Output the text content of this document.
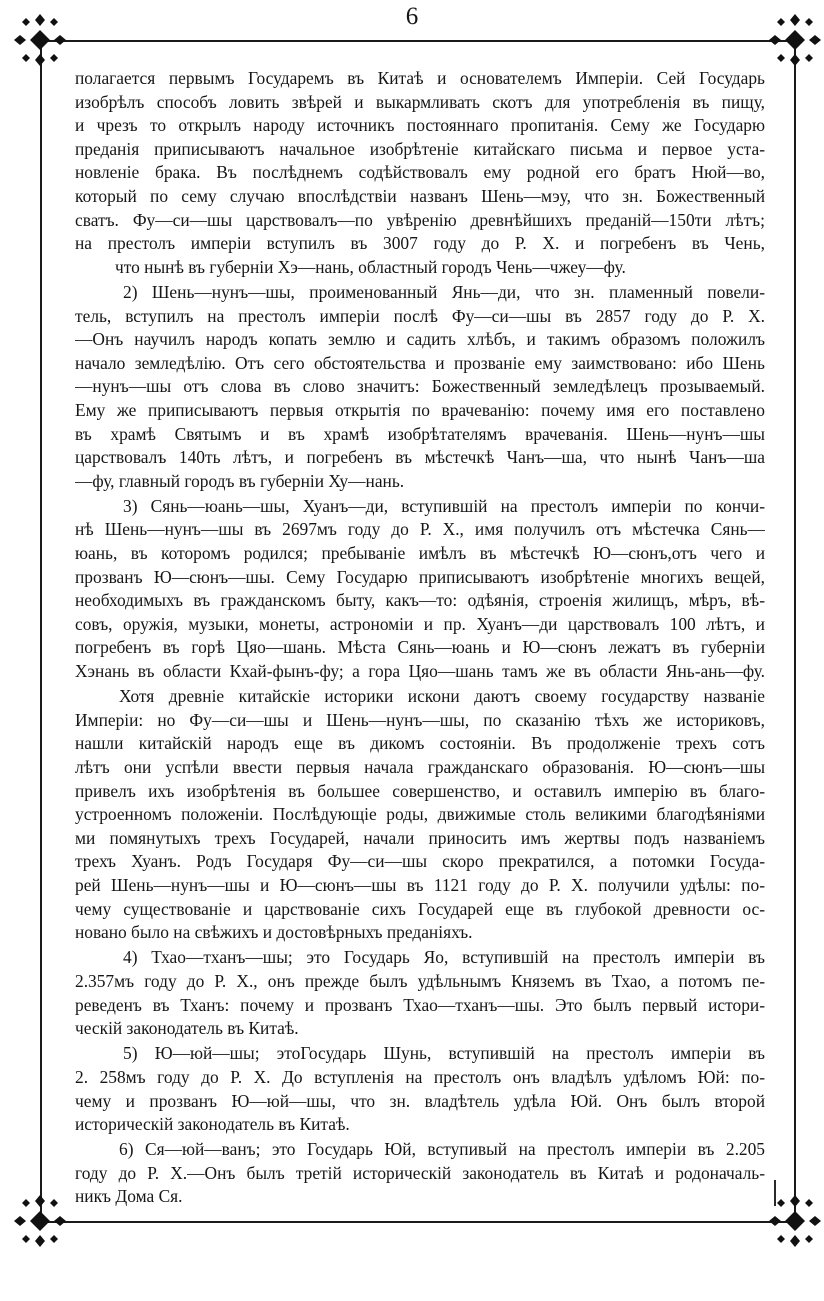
6
полагается первымъ Государемъ въ Китаѣ и основателемъ Имперіи. Сей Государь
изобрѣлъ способъ ловить звѣрей и выкармливать скотъ для употребленія въ пищу,
и чрезъ то открылъ народу источникъ постояннаго пропитанія. Сему же Государю
преданія приписываютъ начальное изобрѣтеніе китайскаго письма и первое уста-
новленіе брака. Въ послѣднемъ содѣйствовалъ ему родной его братъ Нюй—во,
который по сему случаю впослѣдствіи названъ Шень—мэу, что зн. Божественный
сватъ. Фу—си—шы царствовалъ—по увѣренію древнѣйшихъ преданій—150ти лѣтъ;
на престолъ имперіи вступилъ въ 3007 году до Р. Х. и погребенъ въ Чень,
что нынѣ въ губерніи Хэ—нань, областный городъ Чень—чжеу—фу.
2) Шень—нунъ—шы, проименованный Янь—ди, что зн. пламенный повели-
тель, вступилъ на престолъ имперіи послѣ Фу—си—шы въ 2857 году до Р. Х.
—Онъ научилъ народъ копать землю и садить хлѣбъ, и такимъ образомъ положилъ
начало земледѣлію. Отъ сего обстоятельства и прозваніе ему заимствовано: ибо Шень
—нунъ—шы отъ слова въ слово значитъ: Божественный земледѣлецъ прозываемый.
Ему же приписываютъ первыя открытія по врачеванію: почему имя его поставлено
въ храмѣ Святымъ и въ храмѣ изобрѣтателямъ врачеванія. Шень—нунъ—шы
царствовалъ 140ть лѣтъ, и погребенъ въ мѣстечкѣ Чанъ—ша, что нынѣ Чанъ—ша
—фу, главный городъ въ губерніи Ху—нань.
3) Сянь—юань—шы, Хуанъ—ди, вступившій на престолъ имперіи по кончи-
нѣ Шень—нунъ—шы въ 2697мъ году до Р. Х., имя получилъ отъ мѣстечка Сянь—
юань, въ которомъ родился; пребываніе имѣлъ въ мѣстечкѣ Ю—сюнъ,отъ чего и
прозванъ Ю—сюнъ—шы. Сему Государю приписываютъ изобрѣтеніе многихъ вещей,
необходимыхъ въ гражданскомъ быту, какъ—то: одѣянія, строенія жилищъ, мѣръ, вѣ-
совъ, оружія, музыки, монеты, астрономіи и пр. Хуанъ—ди царствовалъ 100 лѣтъ, и
погребенъ въ горѣ Цяо—шань. Мѣста Сянь—юань и Ю—сюнъ лежатъ въ губерніи
Хэнань въ области Кхай-фынъ-фу; а гора Цяо—шань тамъ же въ области Янь-ань—фу.
Хотя древніе китайскіе историки искони даютъ своему государству названіе
Имперіи: но Фу—си—шы и Шень—нунъ—шы, по сказанію тѣхъ же историковъ,
нашли китайскій народъ еще въ дикомъ состояніи. Въ продолженіе трехъ сотъ
лѣтъ они успѣли ввести первыя начала гражданскаго образованія. Ю—сюнъ—шы
привелъ ихъ изобрѣтенія въ большее совершенство, и оставилъ имперію въ благо-
устроенномъ положеніи. Послѣдующіе роды, движимые столь великими благодѣяніями
ми помянутыхъ трехъ Государей, начали приносить имъ жертвы подъ названіемъ
трехъ Хуанъ. Родъ Государя Фу—си—шы скоро прекратился, а потомки Госуда-
рей Шень—нунъ—шы и Ю—сюнъ—шы въ 1121 году до Р. Х. получили удѣлы: по-
чему существованіе и царствованіе сихъ Государей еще въ глубокой древности ос-
новано было на свѣжихъ и достовѣрныхъ преданіяхъ.
4) Тхао—тханъ—шы; это Государь Яо, вступившій на престолъ имперіи въ
2.357мъ году до Р. Х., онъ прежде былъ удѣльнымъ Княземъ въ Тхао, а потомъ пе-
реведенъ въ Тханъ: почему и прозванъ Тхао—тханъ—шы. Это былъ первый истори-
ческій законодатель въ Китаѣ.
5) Ю—юй—шы; этоГосударь Шунь, вступившій на престолъ имперіи въ
2. 258мъ году до Р. Х. До вступленія на престолъ онъ владѣлъ удѣломъ Юй: по-
чему и прозванъ Ю—юй—шы, что зн. владѣтель удѣла Юй. Онъ былъ второй
историческій законодатель въ Китаѣ.
6) Ся—юй—ванъ; это Государь Юй, вступивый на престолъ имперіи въ 2.205
году до Р. Х.—Онъ былъ третій историческій законодатель въ Китаѣ и родоначаль-
никъ Дома Ся.
